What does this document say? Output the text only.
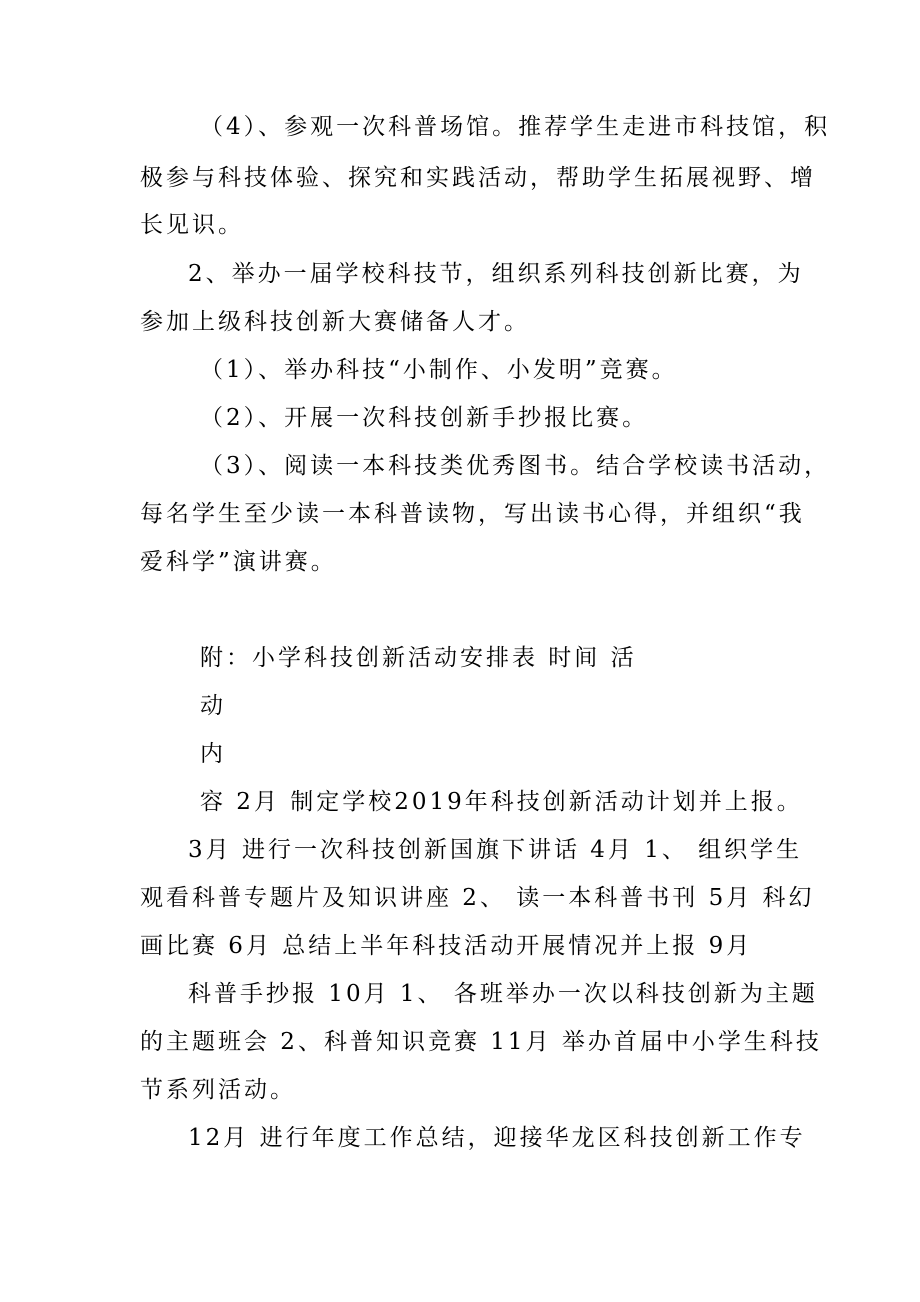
（4）、参观一次科普场馆。推荐学生走进市科技馆，积
极参与科技体验、探究和实践活动，帮助学生拓展视野、增
长见识。
2、举办一届学校科技节，组织系列科技创新比赛，为
参加上级科技创新大赛储备人才。
（1）、举办科技“小制作、小发明”竞赛。
（2）、开展一次科技创新手抄报比赛。
（3）、阅读一本科技类优秀图书。结合学校读书活动，
每名学生至少读一本科普读物，写出读书心得，并组织“我
爱科学”演讲赛。
附：小学科技创新活动安排表 时间 活
动
内
容 2月 制定学校2019年科技创新活动计划并上报。
3月 进行一次科技创新国旗下讲话 4月 1、 组织学生
观看科普专题片及知识讲座 2、 读一本科普书刊 5月 科幻
画比赛 6月 总结上半年科技活动开展情况并上报 9月
科普手抄报 10月 1、 各班举办一次以科技创新为主题
的主题班会 2、科普知识竞赛 11月 举办首届中小学生科技
节系列活动。
12月 进行年度工作总结，迎接华龙区科技创新工作专
